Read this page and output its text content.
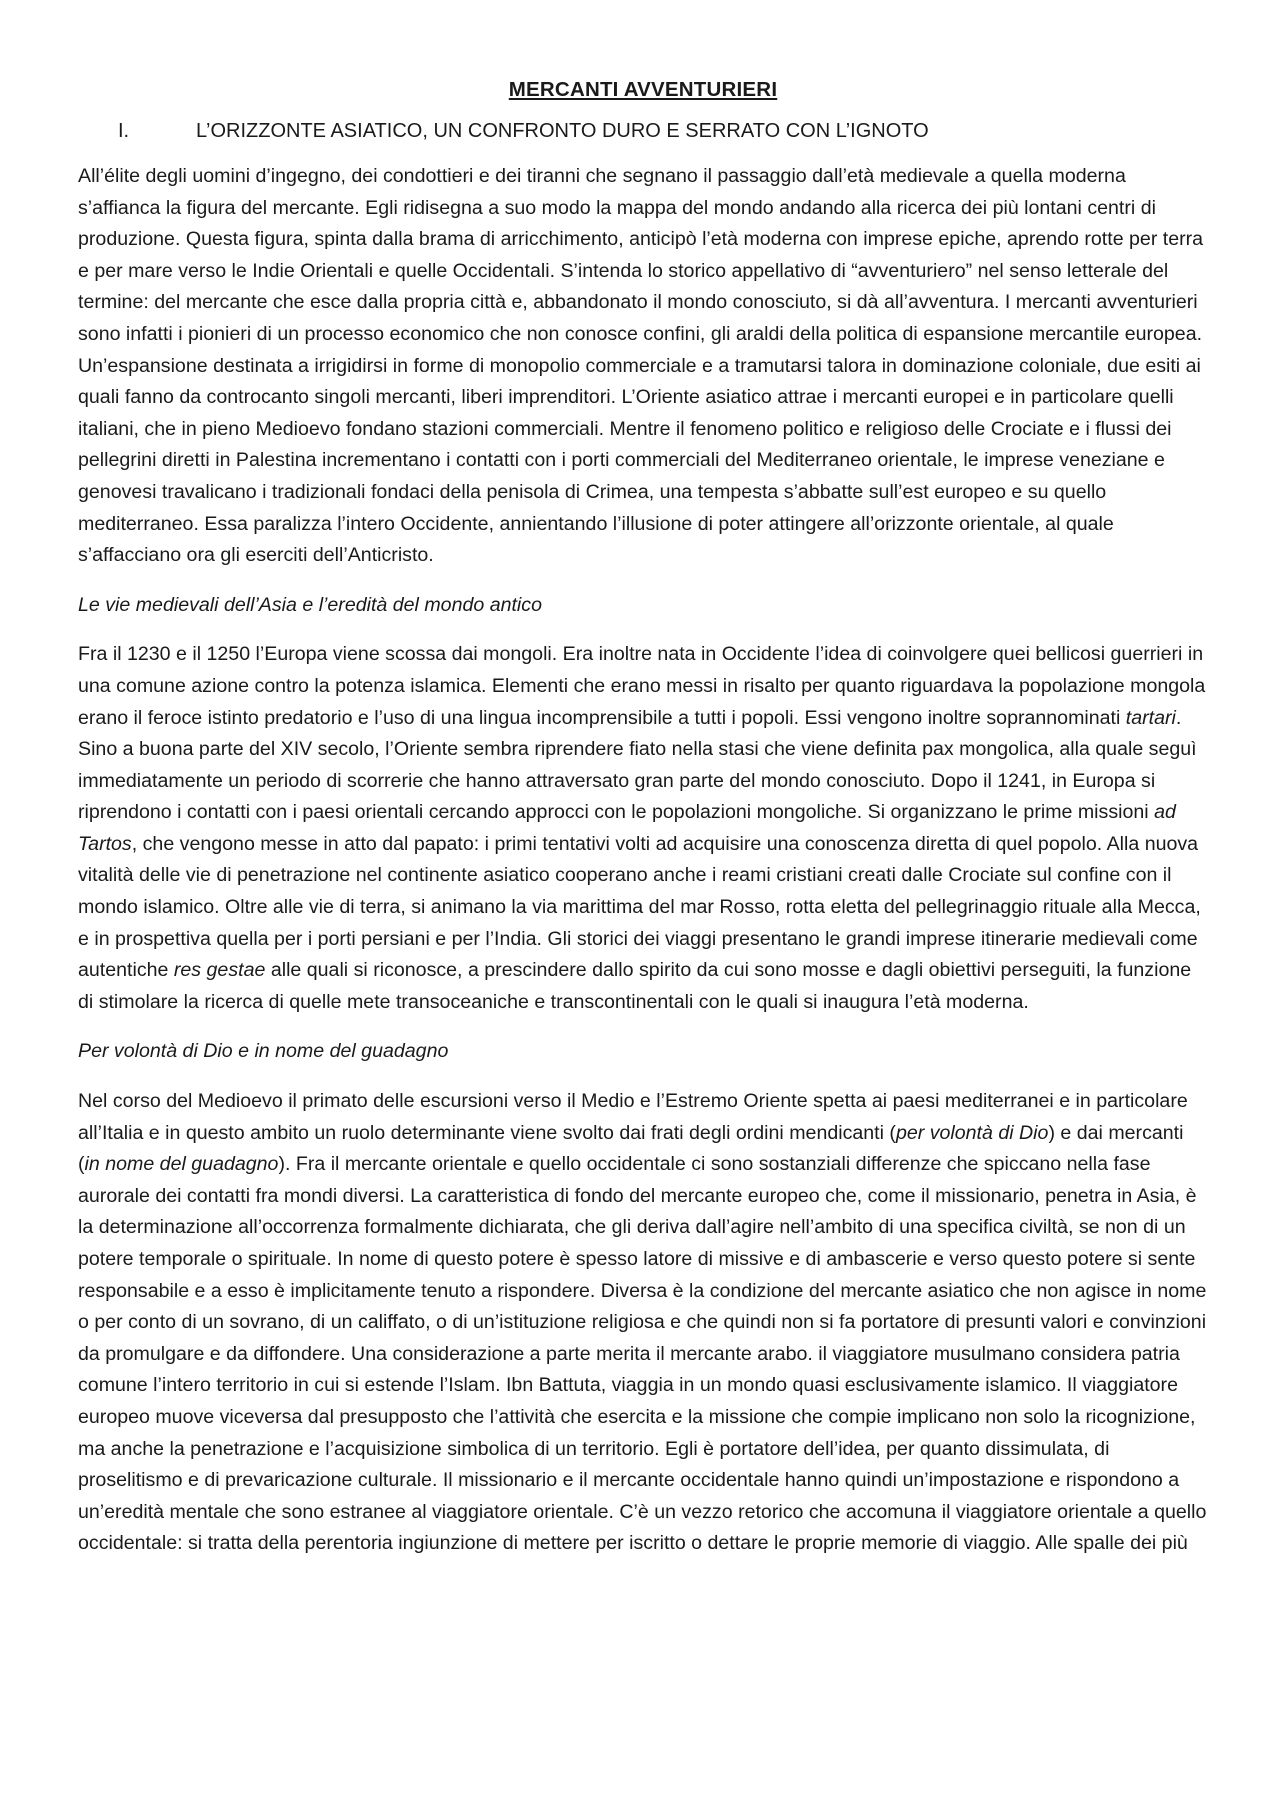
MERCANTI AVVENTURIERI
I.	L’ORIZZONTE ASIATICO, UN CONFRONTO DURO E SERRATO CON L’IGNOTO

All’élite degli uomini d’ingegno, dei condottieri e dei tiranni che segnano il passaggio dall’età medievale a quella moderna s’affianca la figura del mercante. Egli ridisegna a suo modo la mappa del mondo andando alla ricerca dei più lontani centri di produzione. Questa figura, spinta dalla brama di arricchimento, anticipò l’età moderna con imprese epiche, aprendo rotte per terra e per mare verso le Indie Orientali e quelle Occidentali. S’intenda lo storico appellativo di “avventuriero” nel senso letterale del termine: del mercante che esce dalla propria città e, abbandonato il mondo conosciuto, si dà all’avventura. I mercanti avventurieri sono infatti i pionieri di un processo economico che non conosce confini, gli araldi della politica di espansione mercantile europea. Un’espansione destinata a irrigidirsi in forme di monopolio commerciale e a tramutarsi talora in dominazione coloniale, due esiti ai quali fanno da controcanto singoli mercanti, liberi imprenditori. L’Oriente asiatico attrae i mercanti europei e in particolare quelli italiani, che in pieno Medioevo fondano stazioni commerciali. Mentre il fenomeno politico e religioso delle Crociate e i flussi dei pellegrini diretti in Palestina incrementano i contatti con i porti commerciali del Mediterraneo orientale, le imprese veneziane e genovesi travalicano i tradizionali fondaci della penisola di Crimea, una tempesta s’abbatte sull’est europeo e su quello mediterraneo. Essa paralizza l’intero Occidente, annientando l’illusione di poter attingere all’orizzonte orientale, al quale s’affacciano ora gli eserciti dell’Anticristo.

Le vie medievali dell’Asia e l’eredità del mondo antico

Fra il 1230 e il 1250 l’Europa viene scossa dai mongoli. Era inoltre nata in Occidente l’idea di coinvolgere quei bellicosi guerrieri in una comune azione contro la potenza islamica. Elementi che erano messi in risalto per quanto riguardava la popolazione mongola erano il feroce istinto predatorio e l’uso di una lingua incomprensibile a tutti i popoli. Essi vengono inoltre soprannominati tartari. Sino a buona parte del XIV secolo, l’Oriente sembra riprendere fiato nella stasi che viene definita pax mongolica, alla quale seguì immediatamente un periodo di scorrerie che hanno attraversato gran parte del mondo conosciuto. Dopo il 1241, in Europa si riprendono i contatti con i paesi orientali cercando approcci con le popolazioni mongoliche. Si organizzano le prime missioni ad Tartos, che vengono messe in atto dal papato: i primi tentativi volti ad acquisire una conoscenza diretta di quel popolo. Alla nuova vitalità delle vie di penetrazione nel continente asiatico cooperano anche i reami cristiani creati dalle Crociate sul confine con il mondo islamico. Oltre alle vie di terra, si animano la via marittima del mar Rosso, rotta eletta del pellegrinaggio rituale alla Mecca, e in prospettiva quella per i porti persiani e per l’India. Gli storici dei viaggi presentano le grandi imprese itinerarie medievali come autentiche res gestae alle quali si riconosce, a prescindere dallo spirito da cui sono mosse e dagli obiettivi perseguiti, la funzione di stimolare la ricerca di quelle mete transoceaniche e transcontinentali con le quali si inaugura l’età moderna.

Per volontà di Dio e in nome del guadagno

Nel corso del Medioevo il primato delle escursioni verso il Medio e l’Estremo Oriente spetta ai paesi mediterranei e in particolare all’Italia e in questo ambito un ruolo determinante viene svolto dai frati degli ordini mendicanti (per volontà di Dio) e dai mercanti (in nome del guadagno). Fra il mercante orientale e quello occidentale ci sono sostanziali differenze che spiccano nella fase aurorale dei contatti fra mondi diversi. La caratteristica di fondo del mercante europeo che, come il missionario, penetra in Asia, è la determinazione all’occorrenza formalmente dichiarata, che gli deriva dall’agire nell’ambito di una specifica civiltà, se non di un potere temporale o spirituale. In nome di questo potere è spesso latore di missive e di ambascerie e verso questo potere si sente responsabile e a esso è implicitamente tenuto a rispondere. Diversa è la condizione del mercante asiatico che non agisce in nome o per conto di un sovrano, di un califfato, o di un’istituzione religiosa e che quindi non si fa portatore di presunti valori e convinzioni da promulgare e da diffondere. Una considerazione a parte merita il mercante arabo. il viaggiatore musulmano considera patria comune l’intero territorio in cui si estende l’Islam. Ibn Battuta, viaggia in un mondo quasi esclusivamente islamico. Il viaggiatore europeo muove viceversa dal presupposto che l’attività che esercita e la missione che compie implicano non solo la ricognizione, ma anche la penetrazione e l’acquisizione simbolica di un territorio. Egli è portatore dell’idea, per quanto dissimulata, di proselitismo e di prevaricazione culturale. Il missionario e il mercante occidentale hanno quindi un’impostazione e rispondono a un’eredità mentale che sono estranee al viaggiatore orientale. C’è un vezzo retorico che accomuna il viaggiatore orientale a quello occidentale: si tratta della perentoria ingiunzione di mettere per iscritto o dettare le proprie memorie di viaggio. Alle spalle dei più
